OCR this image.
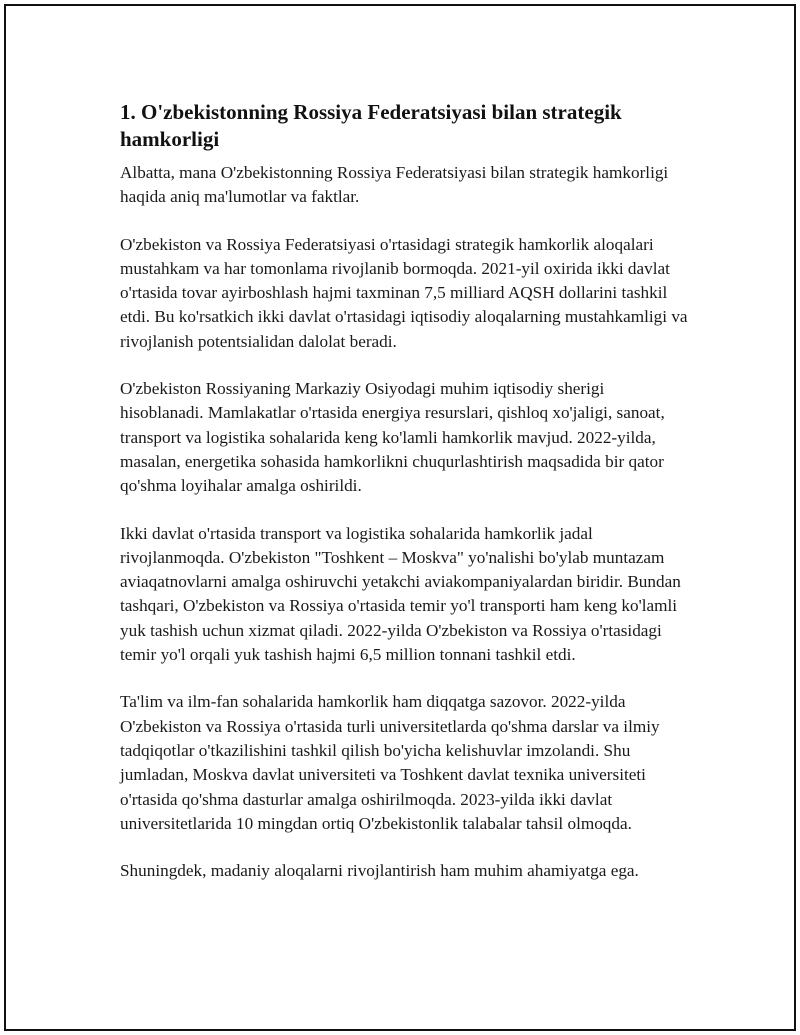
1. O'zbekistonning Rossiya Federatsiyasi bilan strategik hamkorligi

Albatta, mana O'zbekistonning Rossiya Federatsiyasi bilan strategik hamkorligi haqida aniq ma'lumotlar va faktlar.

O'zbekiston va Rossiya Federatsiyasi o'rtasidagi strategik hamkorlik aloqalari mustahkam va har tomonlama rivojlanib bormoqda. 2021-yil oxirida ikki davlat o'rtasida tovar ayirboshlash hajmi taxminan 7,5 milliard AQSH dollarini tashkil etdi. Bu ko'rsatkich ikki davlat o'rtasidagi iqtisodiy aloqalarning mustahkamligi va rivojlanish potentsialidan dalolat beradi.

O'zbekiston Rossiyaning Markaziy Osiyodagi muhim iqtisodiy sherigi hisoblanadi. Mamlakatlar o'rtasida energiya resurslari, qishloq xo'jaligi, sanoat, transport va logistika sohalarida keng ko'lamli hamkorlik mavjud. 2022-yilda, masalan, energetika sohasida hamkorlikni chuqurlashtirish maqsadida bir qator qo'shma loyihalar amalga oshirildi.

Ikki davlat o'rtasida transport va logistika sohalarida hamkorlik jadal rivojlanmoqda. O'zbekiston "Toshkent – Moskva" yo'nalishi bo'ylab muntazam aviaqatnovlarni amalga oshiruvchi yetakchi aviakompaniyalardan biridir. Bundan tashqari, O'zbekiston va Rossiya o'rtasida temir yo'l transporti ham keng ko'lamli yuk tashish uchun xizmat qiladi. 2022-yilda O'zbekiston va Rossiya o'rtasidagi temir yo'l orqali yuk tashish hajmi 6,5 million tonnani tashkil etdi.

Ta'lim va ilm-fan sohalarida hamkorlik ham diqqatga sazovor. 2022-yilda O'zbekiston va Rossiya o'rtasida turli universitetlarda qo'shma darslar va ilmiy tadqiqotlar o'tkazilishini tashkil qilish bo'yicha kelishuvlar imzolandi. Shu jumladan, Moskva davlat universiteti va Toshkent davlat texnika universiteti o'rtasida qo'shma dasturlar amalga oshirilmoqda. 2023-yilda ikki davlat universitetlarida 10 mingdan ortiq O'zbekistonlik talabalar tahsil olmoqda.

Shuningdek, madaniy aloqalarni rivojlantirish ham muhim ahamiyatga ega.
